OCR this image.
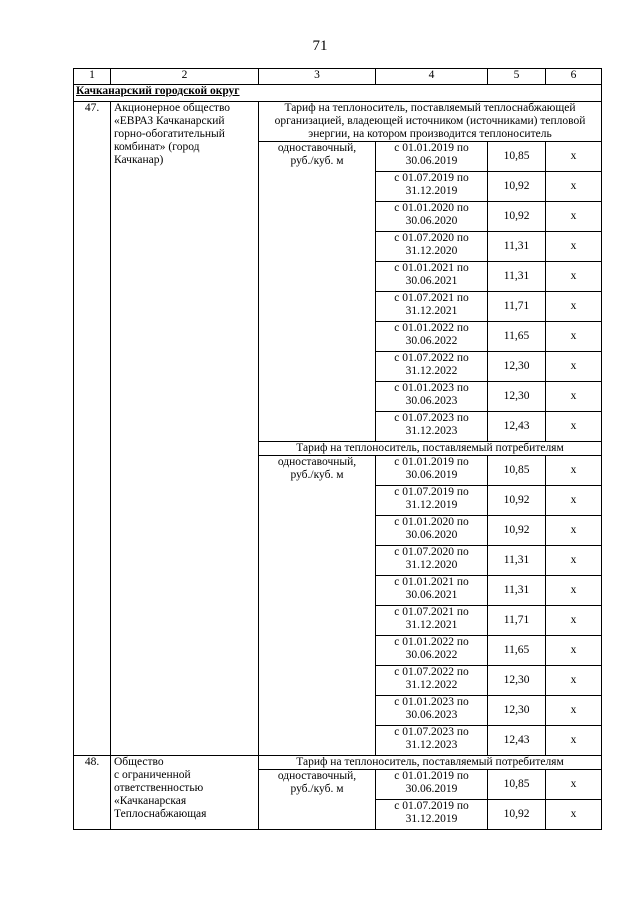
71
1	2	3	4	5	6
Качканарский городской округ					
47.	Акционерное общество
«ЕВРАЗ Качканарский
горно-обогатительный
комбинат» (город
Качканар)	Тариф на теплоноситель, поставляемый теплоснабжающей организацией, владеющей источником (источниками) тепловой энергии, на котором производится теплоноситель			
		одноставочный,
руб./куб. м	с 01.01.2019 по
30.06.2019	10,85	х
			с 01.07.2019 по
31.12.2019	10,92	х
			с 01.01.2020 по
30.06.2020	10,92	х
			с 01.07.2020 по
31.12.2020	11,31	х
			с 01.01.2021 по
30.06.2021	11,31	х
			с 01.07.2021 по
31.12.2021	11,71	х
			с 01.01.2022 по
30.06.2022	11,65	х
			с 01.07.2022 по
31.12.2022	12,30	х
			с 01.01.2023 по
30.06.2023	12,30	х
			с 01.07.2023 по
31.12.2023	12,43	х
		Тариф на теплоноситель, поставляемый потребителям			
		одноставочный,
руб./куб. м	с 01.01.2019 по
30.06.2019	10,85	х
			с 01.07.2019 по
31.12.2019	10,92	х
			с 01.01.2020 по
30.06.2020	10,92	х
			с 01.07.2020 по
31.12.2020	11,31	х
			с 01.01.2021 по
30.06.2021	11,31	х
			с 01.07.2021 по
31.12.2021	11,71	х
			с 01.01.2022 по
30.06.2022	11,65	х
			с 01.07.2022 по
31.12.2022	12,30	х
			с 01.01.2023 по
30.06.2023	12,30	х
			с 01.07.2023 по
31.12.2023	12,43	х
48.	Общество
с ограниченной
ответственностью
«Качканарская
Теплоснабжающая	Тариф на теплоноситель, поставляемый потребителям			
		одноставочный,
руб./куб. м	с 01.01.2019 по
30.06.2019	10,85	х
			с 01.07.2019 по
31.12.2019	10,92	х
